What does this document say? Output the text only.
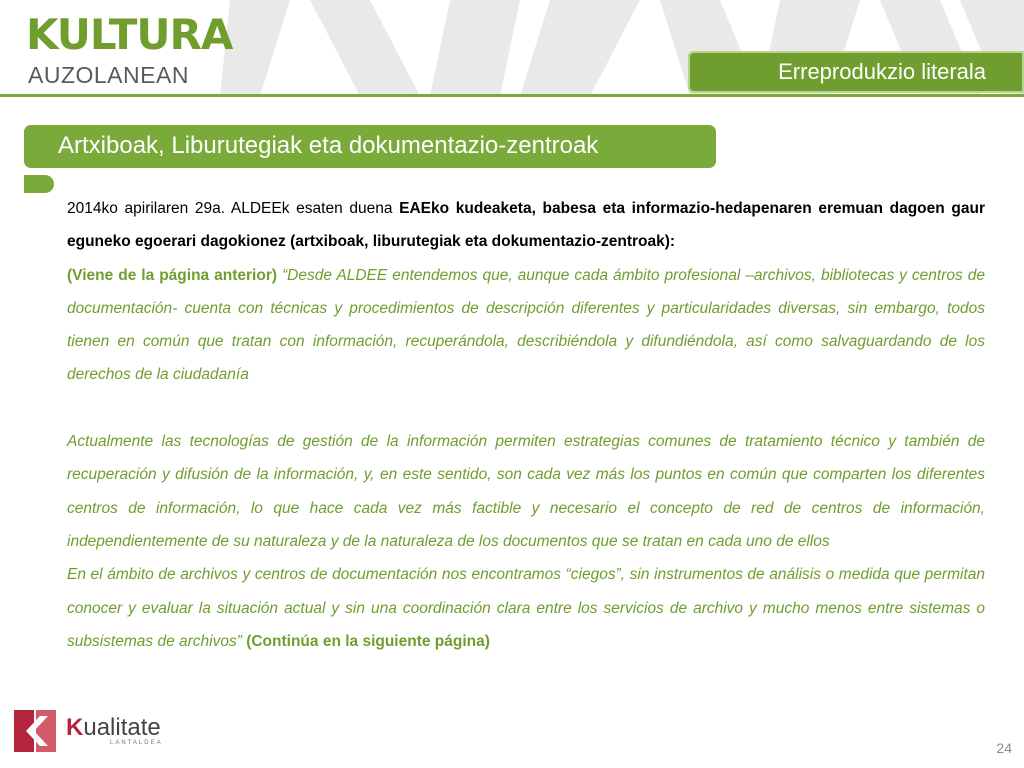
KULTURA
AUZOLANEAN	Erreprodukzio literala
Artxiboak, Liburutegiak eta dokumentazio-zentroak

2014ko apirilaren 29a. ALDEEk esaten duena EAEko kudeaketa, babesa eta informazio-hedapenaren eremuan dagoen gaur eguneko egoerari dagokionez (artxiboak, liburutegiak eta dokumentazio-zentroak):

(Viene de la página anterior) “Desde ALDEE entendemos que, aunque cada ámbito profesional –archivos, bibliotecas y centros de documentación- cuenta con técnicas y procedimientos de descripción diferentes y particularidades diversas, sin embargo, todos tienen en común que tratan con información, recuperándola, describiéndola y difundiéndola, así como salvaguardando de los derechos de la ciudadanía

Actualmente las tecnologías de gestión de la información permiten estrategias comunes de tratamiento técnico y también de recuperación y difusión de la información, y, en este sentido, son cada vez más los puntos en común que comparten los diferentes centros de información, lo que hace cada vez más factible y necesario el concepto de red de centros de información, independientemente de su naturaleza y de la naturaleza de los documentos que se tratan en cada uno de ellos

En el ámbito de archivos y centros de documentación nos encontramos “ciegos”, sin instrumentos de análisis o medida que permitan conocer y evaluar la situación actual y sin una coordinación clara entre los servicios de archivo y mucho menos entre sistemas o subsistemas de archivos” (Continúa en la siguiente página)

Kualitate
LANTALDEA	24
